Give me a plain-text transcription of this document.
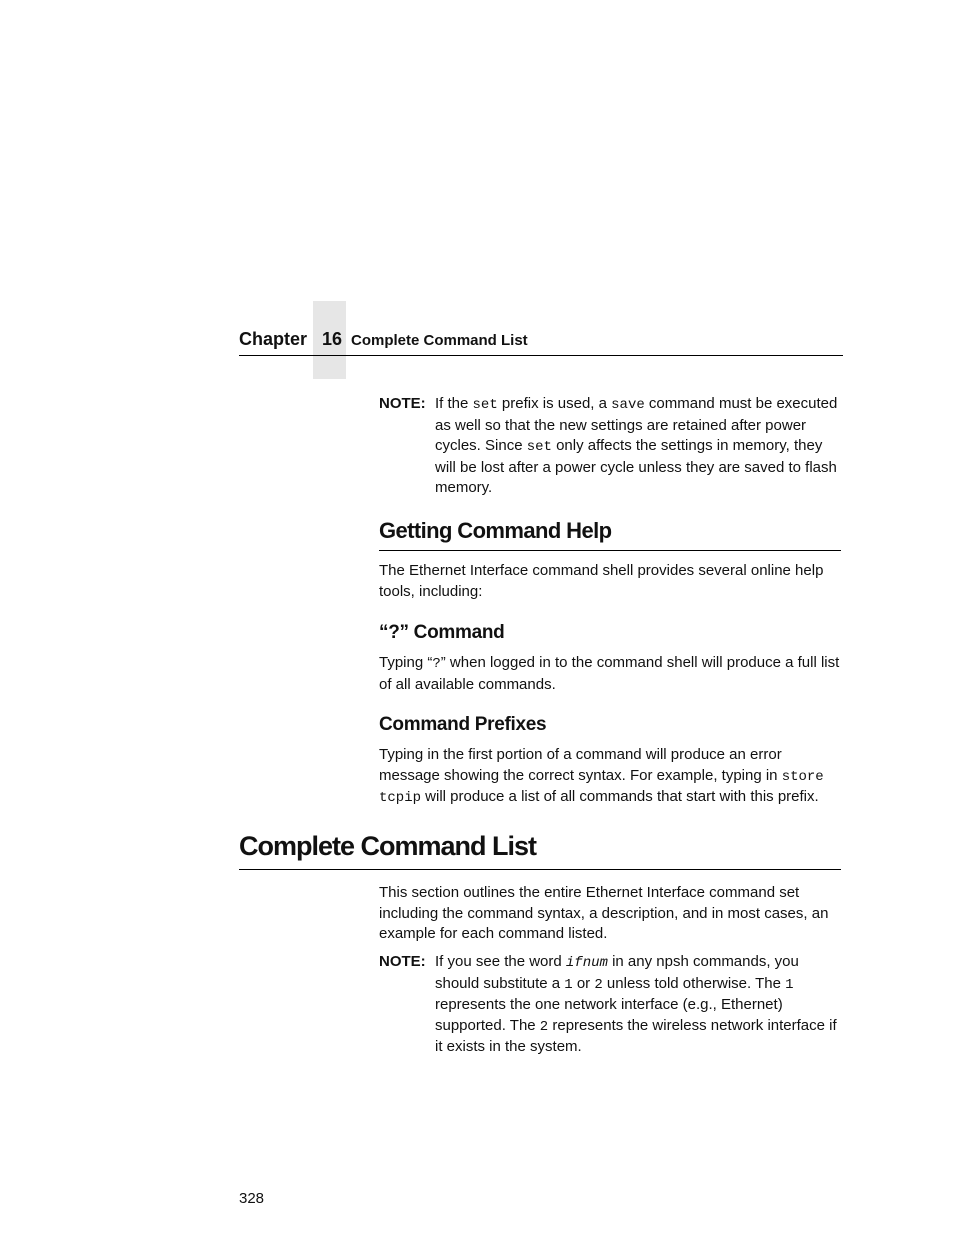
Chapter 16 Complete Command List
NOTE: If the set prefix is used, a save command must be executed as well so that the new settings are retained after power cycles. Since set only affects the settings in memory, they will be lost after a power cycle unless they are saved to flash memory.
Getting Command Help
The Ethernet Interface command shell provides several online help tools, including:
“?” Command
Typing “?” when logged in to the command shell will produce a full list of all available commands.
Command Prefixes
Typing in the first portion of a command will produce an error message showing the correct syntax. For example, typing in store tcpip will produce a list of all commands that start with this prefix.
Complete Command List
This section outlines the entire Ethernet Interface command set including the command syntax, a description, and in most cases, an example for each command listed.
NOTE: If you see the word ifnum in any npsh commands, you should substitute a 1 or 2 unless told otherwise. The 1 represents the one network interface (e.g., Ethernet) supported. The 2 represents the wireless network interface if it exists in the system.
328
